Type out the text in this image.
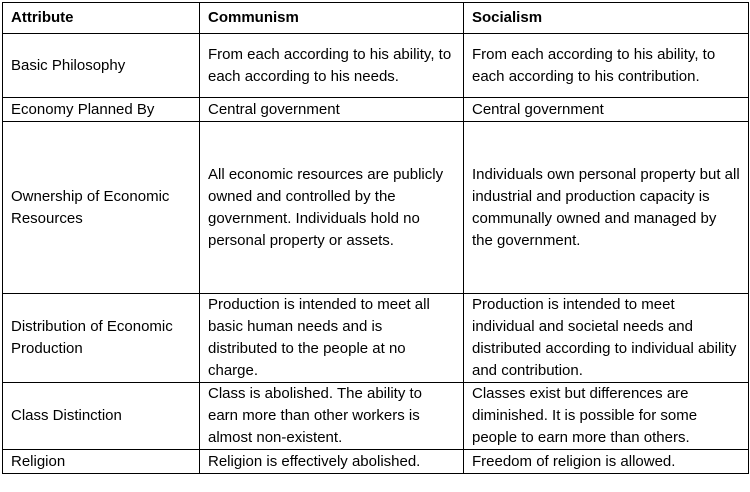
Attribute	Communism	Socialism
Basic Philosophy	From each according to his ability, to each according to his needs.	From each according to his ability, to each according to his contribution.
Economy Planned By	Central government	Central government
Ownership of Economic Resources	All economic resources are publicly owned and controlled by the government. Individuals hold no personal property or assets.	Individuals own personal property but all industrial and production capacity is communally owned and managed by the government.
Distribution of Economic Production	Production is intended to meet all basic human needs and is distributed to the people at no charge.	Production is intended to meet individual and societal needs and distributed according to individual ability and contribution.
Class Distinction	Class is abolished. The ability to earn more than other workers is almost non-existent.	Classes exist but differences are diminished. It is possible for some people to earn more than others.
Religion	Religion is effectively abolished.	Freedom of religion is allowed.
